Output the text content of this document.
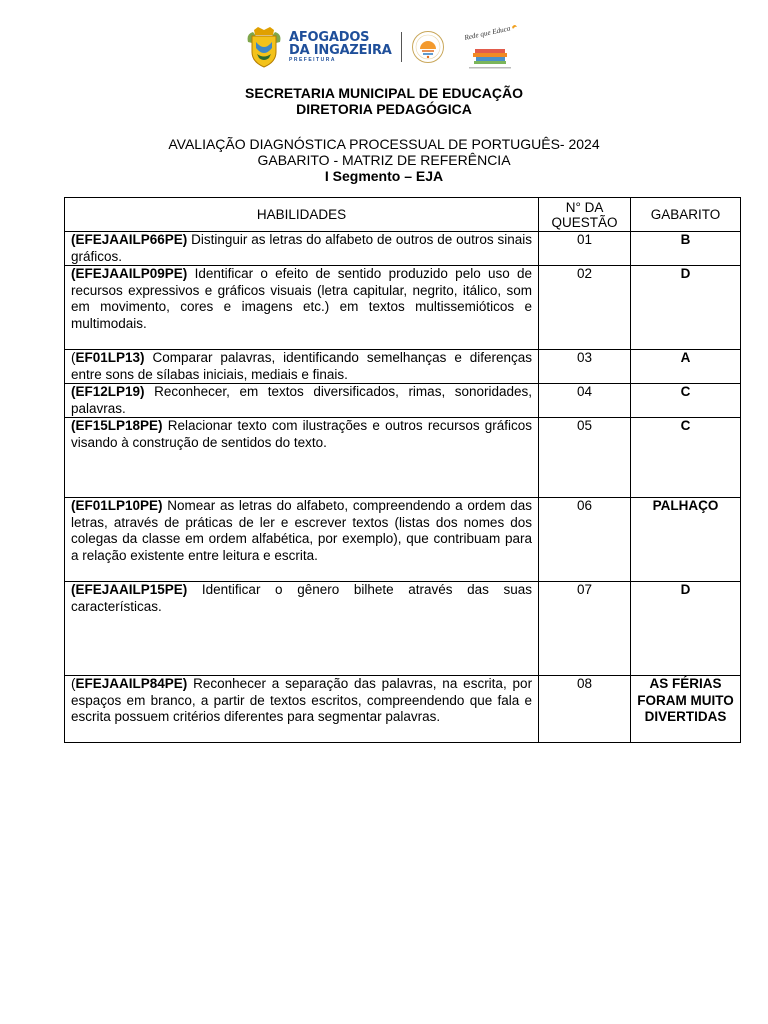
AFOGADOS
DA INGAZEIRA
PREFEITURA
Rede que Educa
SECRETARIA MUNICIPAL DE EDUCAÇÃO
DIRETORIA PEDAGÓGICA
AVALIAÇÃO DIAGNÓSTICA PROCESSUAL DE PORTUGUÊS- 2024
GABARITO - MATRIZ DE REFERÊNCIA
I Segmento – EJA
HABILIDADES	N° DA QUESTÃO	GABARITO
(EFEJAAILP66PE) Distinguir as letras do alfabeto de outros de outros sinais gráficos.	01	B
(EFEJAAILP09PE) Identificar o efeito de sentido produzido pelo uso de recursos expressivos e gráficos visuais (letra capitular, negrito, itálico, som em movimento, cores e imagens etc.) em textos multissemióticos e multimodais.	02	D
(EF01LP13) Comparar palavras, identificando semelhanças e diferenças entre sons de sílabas iniciais, mediais e finais.	03	A
(EF12LP19) Reconhecer, em textos diversificados, rimas, sonoridades, palavras.	04	C
(EF15LP18PE) Relacionar texto com ilustrações e outros recursos gráficos visando à construção de sentidos do texto.	05	C
(EF01LP10PE) Nomear as letras do alfabeto, compreendendo a ordem das letras, através de práticas de ler e escrever textos (listas dos nomes dos colegas da classe em ordem alfabética, por exemplo), que contribuam para a relação existente entre leitura e escrita.	06	PALHAÇO
(EFEJAAILP15PE) Identificar o gênero bilhete através das suas características.	07	D
(EFEJAAILP84PE) Reconhecer a separação das palavras, na escrita, por espaços em branco, a partir de textos escritos, compreendendo que fala e escrita possuem critérios diferentes para segmentar palavras.	08	AS FÉRIAS FORAM MUITO DIVERTIDAS
